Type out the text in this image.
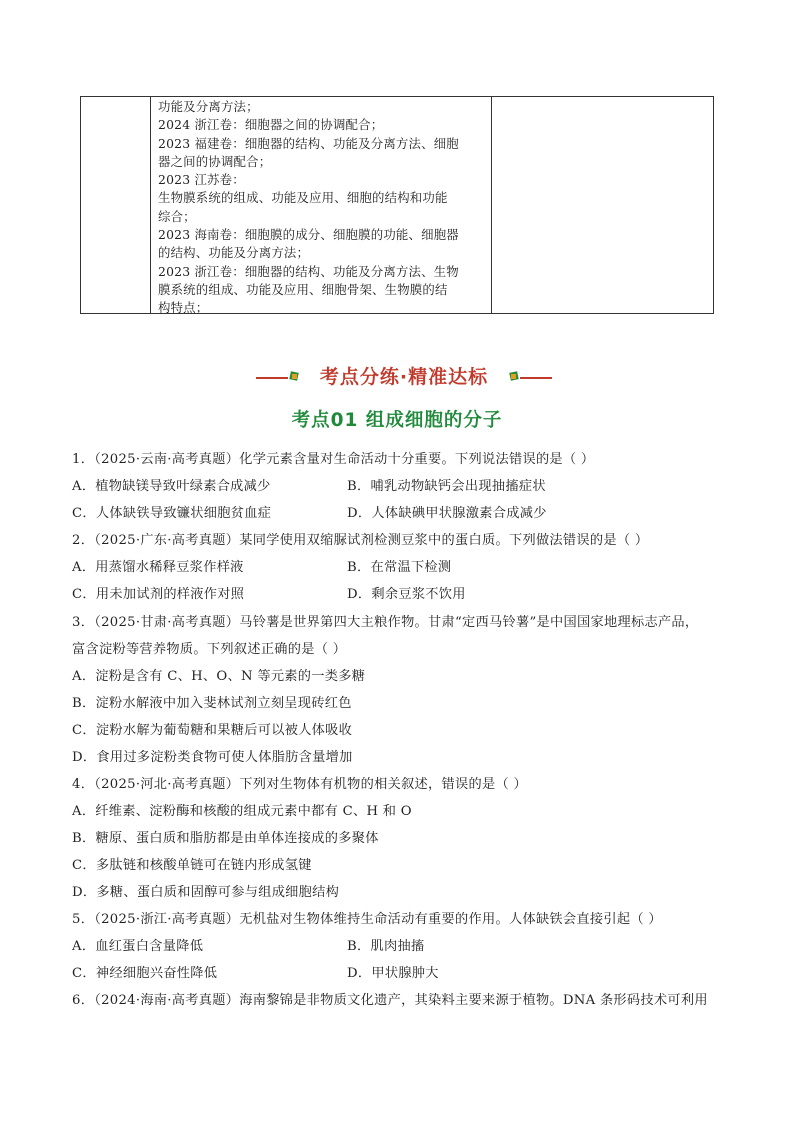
功能及分离方法；
2024 浙江卷：细胞器之间的协调配合；
2023 福建卷：细胞器的结构、功能及分离方法、细胞
器之间的协调配合；
2023 江苏卷：
生物膜系统的组成、功能及应用、细胞的结构和功能
综合；
2023 海南卷：细胞膜的成分、细胞膜的功能、细胞器
的结构、功能及分离方法；
2023 浙江卷：细胞器的结构、功能及分离方法、生物
膜系统的组成、功能及应用、细胞骨架、生物膜的结
构特点；
考点分练·精准达标
考点01 组成细胞的分子
1．（2025·云南·高考真题）化学元素含量对生命活动十分重要。下列说法错误的是（ ）
A．植物缺镁导致叶绿素合成减少	B．哺乳动物缺钙会出现抽搐症状
C．人体缺铁导致镰状细胞贫血症	D．人体缺碘甲状腺激素合成减少
2．（2025·广东·高考真题）某同学使用双缩脲试剂检测豆浆中的蛋白质。下列做法错误的是（ ）
A．用蒸馏水稀释豆浆作样液	B．在常温下检测
C．用未加试剂的样液作对照	D．剩余豆浆不饮用
3．（2025·甘肃·高考真题）马铃薯是世界第四大主粮作物。甘肃“定西马铃薯”是中国国家地理标志产品，
富含淀粉等营养物质。下列叙述正确的是（ ）
A．淀粉是含有 C、H、O、N 等元素的一类多糖
B．淀粉水解液中加入斐林试剂立刻呈现砖红色
C．淀粉水解为葡萄糖和果糖后可以被人体吸收
D．食用过多淀粉类食物可使人体脂肪含量增加
4．（2025·河北·高考真题）下列对生物体有机物的相关叙述，错误的是（ ）
A．纤维素、淀粉酶和核酸的组成元素中都有 C、H 和 O
B．糖原、蛋白质和脂肪都是由单体连接成的多聚体
C．多肽链和核酸单链可在链内形成氢键
D．多糖、蛋白质和固醇可参与组成细胞结构
5．（2025·浙江·高考真题）无机盐对生物体维持生命活动有重要的作用。人体缺铁会直接引起（ ）
A．血红蛋白含量降低	B．肌肉抽搐
C．神经细胞兴奋性降低	D．甲状腺肿大
6．（2024·海南·高考真题）海南黎锦是非物质文化遗产，其染料主要来源于植物。DNA 条形码技术可利用
